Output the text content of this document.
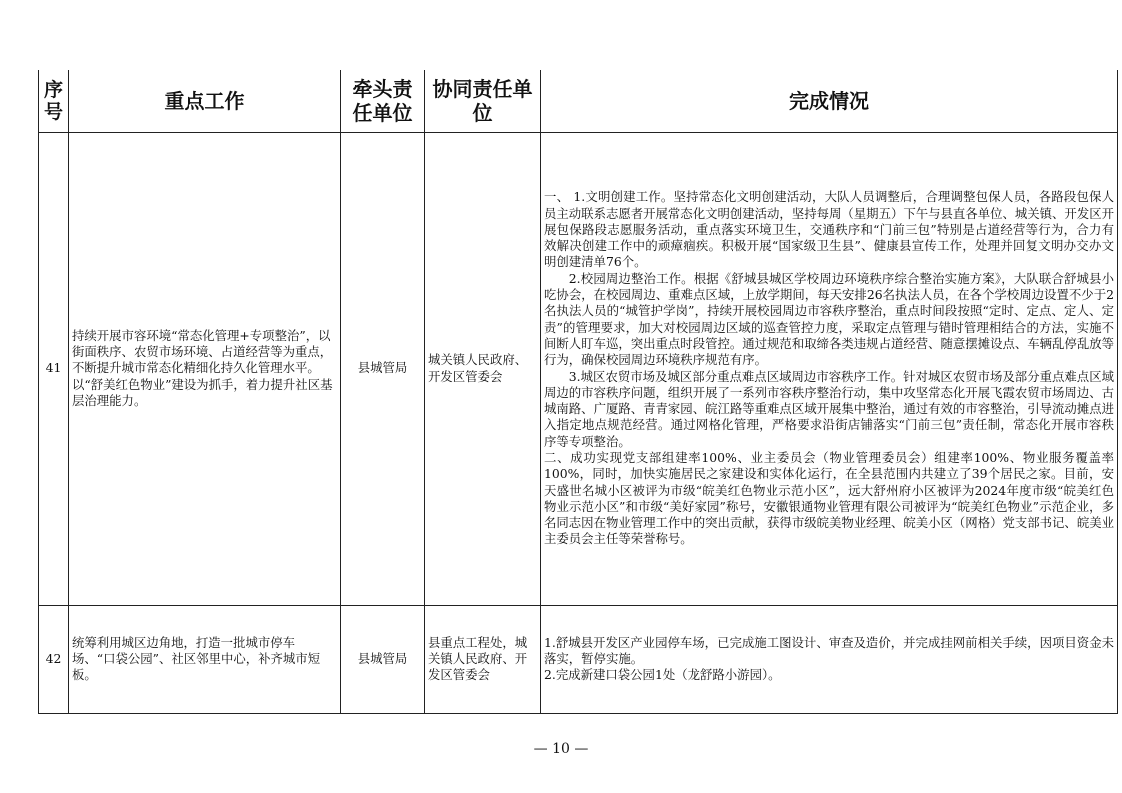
序号	重点工作	牵头责任单位	协同责任单位	完成情况
41	持续开展市容环境“常态化管理+专项整治”，以街面秩序、农贸市场环境、占道经营等为重点，不断提升城市常态化精细化持久化管理水平。以“舒美红色物业”建设为抓手，着力提升社区基层治理能力。	县城管局	城关镇人民政府、开发区管委会	一、 1.文明创建工作。坚持常态化文明创建活动，大队人员调整后，合理调整包保人员，各路段包保人员主动联系志愿者开展常态化文明创建活动，坚持每周（星期五）下午与县直各单位、城关镇、开发区开展包保路段志愿服务活动，重点落实环境卫生，交通秩序和“门前三包”特别是占道经营等行为，合力有效解决创建工作中的顽瘴痼疾。积极开展“国家级卫生县”、健康县宣传工作，处理并回复文明办交办文明创建清单76个。

2.校园周边整治工作。根据《舒城县城区学校周边环境秩序综合整治实施方案》，大队联合舒城县小吃协会，在校园周边、重难点区域，上放学期间，每天安排26名执法人员，在各个学校周边设置不少于2名执法人员的“城管护学岗”，持续开展校园周边市容秩序整治，重点时间段按照“定时、定点、定人、定责”的管理要求，加大对校园周边区域的巡查管控力度，采取定点管理与错时管理相结合的方法，实施不间断人盯车巡，突出重点时段管控。通过规范和取缔各类违规占道经营、随意摆摊设点、车辆乱停乱放等行为，确保校园周边环境秩序规范有序。

3.城区农贸市场及城区部分重点难点区域周边市容秩序工作。针对城区农贸市场及部分重点难点区域周边的市容秩序问题，组织开展了一系列市容秩序整治行动，集中攻坚常态化开展飞霞农贸市场周边、古城南路、广厦路、青青家园、皖江路等重难点区域开展集中整治，通过有效的市容整治，引导流动摊点进入指定地点规范经营。通过网格化管理，严格要求沿街店铺落实“门前三包”责任制，常态化开展市容秩序等专项整治。

二、成功实现党支部组建率100%、业主委员会（物业管理委员会）组建率100%、物业服务覆盖率100%，同时，加快实施居民之家建设和实体化运行，在全县范围内共建立了39个居民之家。目前，安天盛世名城小区被评为市级“皖美红色物业示范小区”，远大舒州府小区被评为2024年度市级“皖美红色物业示范小区”和市级“美好家园”称号，安徽银通物业管理有限公司被评为“皖美红色物业”示范企业，多名同志因在物业管理工作中的突出贡献，获得市级皖美物业经理、皖美小区（网格）党支部书记、皖美业主委员会主任等荣誉称号。

42	统筹利用城区边角地，打造一批城市停车场、“口袋公园”、社区邻里中心，补齐城市短板。	县城管局	县重点工程处，城关镇人民政府、开发区管委会	1.舒城县开发区产业园停车场，已完成施工图设计、审查及造价，并完成挂网前相关手续，因项目资金未落实，暂停实施。

2.完成新建口袋公园1处（龙舒路小游园）。

— 10 —
